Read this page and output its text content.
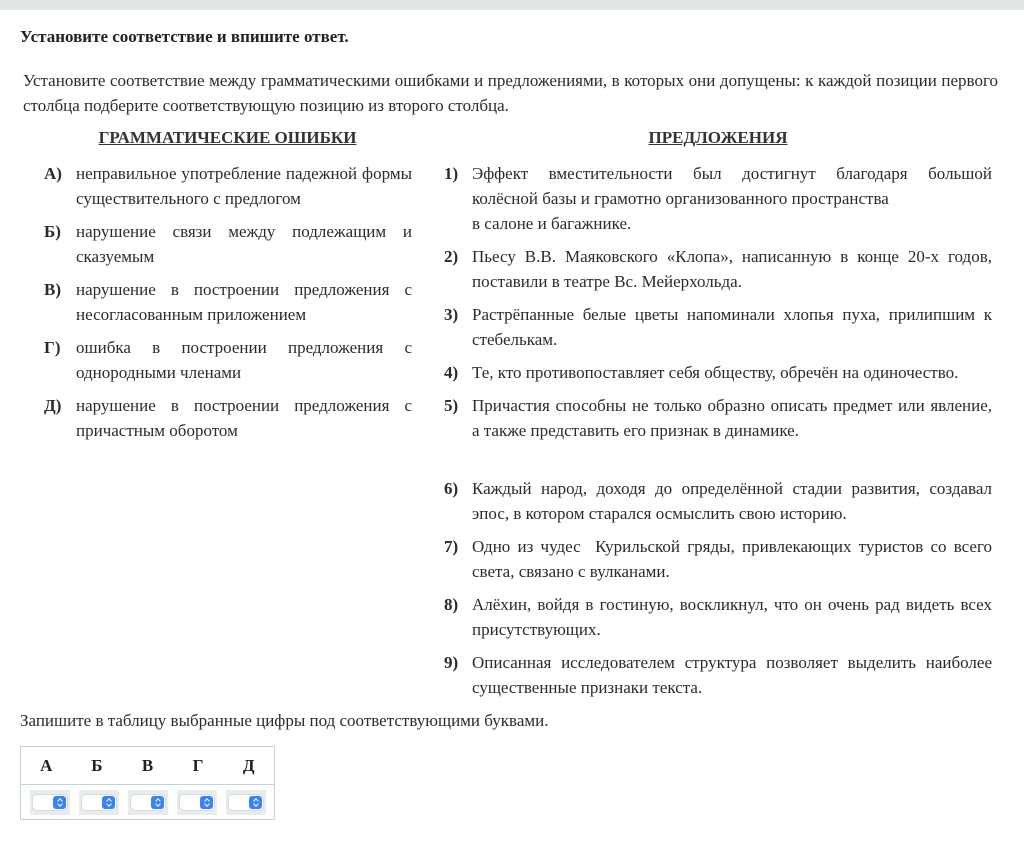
Установите соответствие и впишите ответ.
Установите соответствие между грамматическими ошибками и предложениями, в которых они допущены: к каждой позиции первого столбца подберите соответствующую позицию из второго столбца.
ГРАММАТИЧЕСКИЕ ОШИБКИ	ПРЕДЛОЖЕНИЯ
А) неправильное употребление падежной формы существительного с предлогом
Б) нарушение связи между подлежащим и сказуемым
В) нарушение в построении предложения с несогласованным приложением
Г) ошибка в построении предложения с однородными членами
Д) нарушение в построении предложения с причастным оборотом
1) Эффект вместительности был достигнут благодаря большой
колёсной базы и грамотно организованного пространства
в салоне и багажнике.
2) Пьесу В.В. Маяковского «Клопа», написанную в конце 20-х годов, поставили в театре Вс. Мейерхольда.
3) Растрёпанные белые цветы напоминали хлопья пуха, прилипшим к стебелькам.
4) Те, кто противопоставляет себя обществу, обречён на одиночество.
5) Причастия способны не только образно описать предмет или явление, а также представить его признак в динамике.
6) Каждый народ, доходя до определённой стадии развития, создавал эпос, в котором старался осмыслить свою историю.
7) Одно из чудес  Курильской гряды, привлекающих туристов со всего света, связано с вулканами.
8) Алёхин, войдя в гостиную, воскликнул, что он очень рад видеть всех присутствующих.
9) Описанная исследователем структура позволяет выделить наиболее существенные признаки текста.
Запишите в таблицу выбранные цифры под соответствующими буквами.
А	Б	В	Г	Д
